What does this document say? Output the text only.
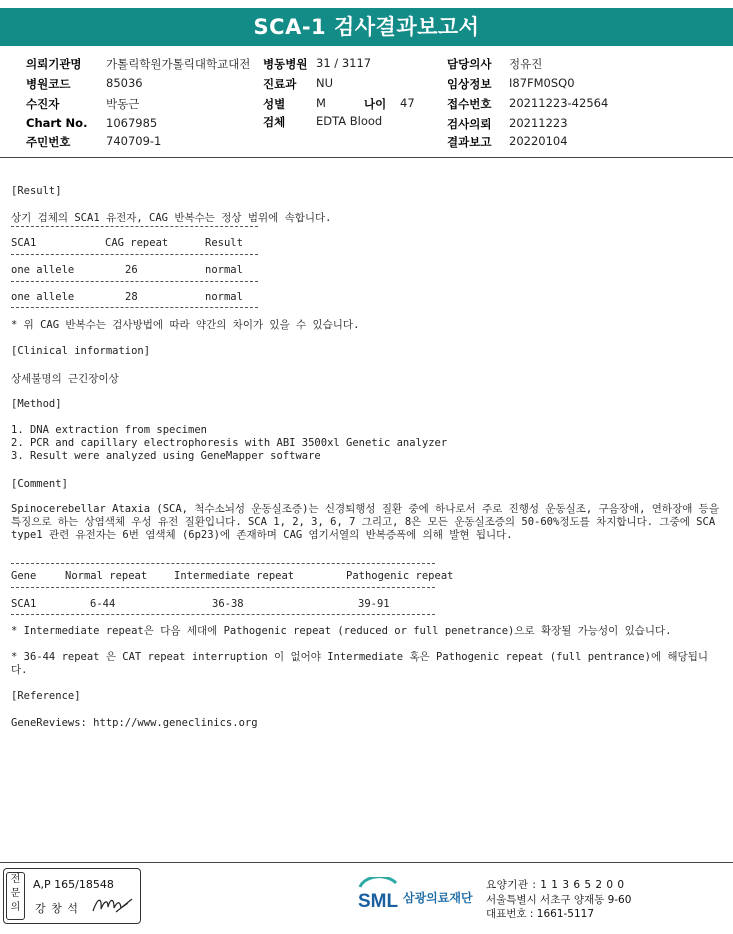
SCA-1 검사결과보고서
의뢰기관명 가톨릭학원가톨릭대학교대전 병동병원 31 / 3117	담당의사 정유진
병원코드	85036	진료과 NU	임상정보 I87FM0SQ0
수진자	박동근	성별	M	나이 47	접수번호 20211223-42564
Chart No. 1067985	검체	EDTA Blood	검사의뢰 20211223
주민번호	740709-1	결과보고 20220104
[Result]
상기 검체의 SCA1 유전자, CAG 반복수는 정상 범위에 속합니다.
SCA1	CAG repeat	Result
one allele	26	normal
one allele	28	normal
* 위 CAG 반복수는 검사방법에 따라 약간의 차이가 있을 수 있습니다.
[Clinical information]
상세불명의 근긴장이상
[Method]
1. DNA extraction from specimen
2. PCR and capillary electrophoresis with ABI 3500xl Genetic analyzer
3. Result were analyzed using GeneMapper software
[Comment]
Spinocerebellar Ataxia (SCA, 척수소뇌성 운동실조증)는 신경퇴행성 질환 중에 하나로서 주로 진행성 운동실조, 구음장애, 연하장애 등을 특징으로 하는 상염색체 우성 유전 질환입니다. SCA 1, 2, 3, 6, 7 그리고, 8은 모든 운동실조증의 50-60%정도를 차지합니다. 그중에 SCA type1 관련 유전자는 6번 염색체 (6p23)에 존재하며 CAG 염기서열의 반복증폭에 의해 발현 됩니다.
Gene	Normal repeat	Intermediate repeat	Pathogenic repeat
SCA1	6-44	36-38	39-91
* Intermediate repeat은 다음 세대에 Pathogenic repeat (reduced or full penetrance)으로 확장될 가능성이 있습니다.
* 36-44 repeat 은 CAT repeat interruption 이 없어야 Intermediate 혹은 Pathogenic repeat (full pentrance)에 해당됩니다.
[Reference]
GeneReviews: http://www.geneclinics.org
전
문
의
A,P 165/18548
강 창 석	SML 삼광의료재단
요양기관 : 1 1 3 6 5 2 0 0
서울특별시 서초구 양재동 9-60
대표번호 : 1661-5117
